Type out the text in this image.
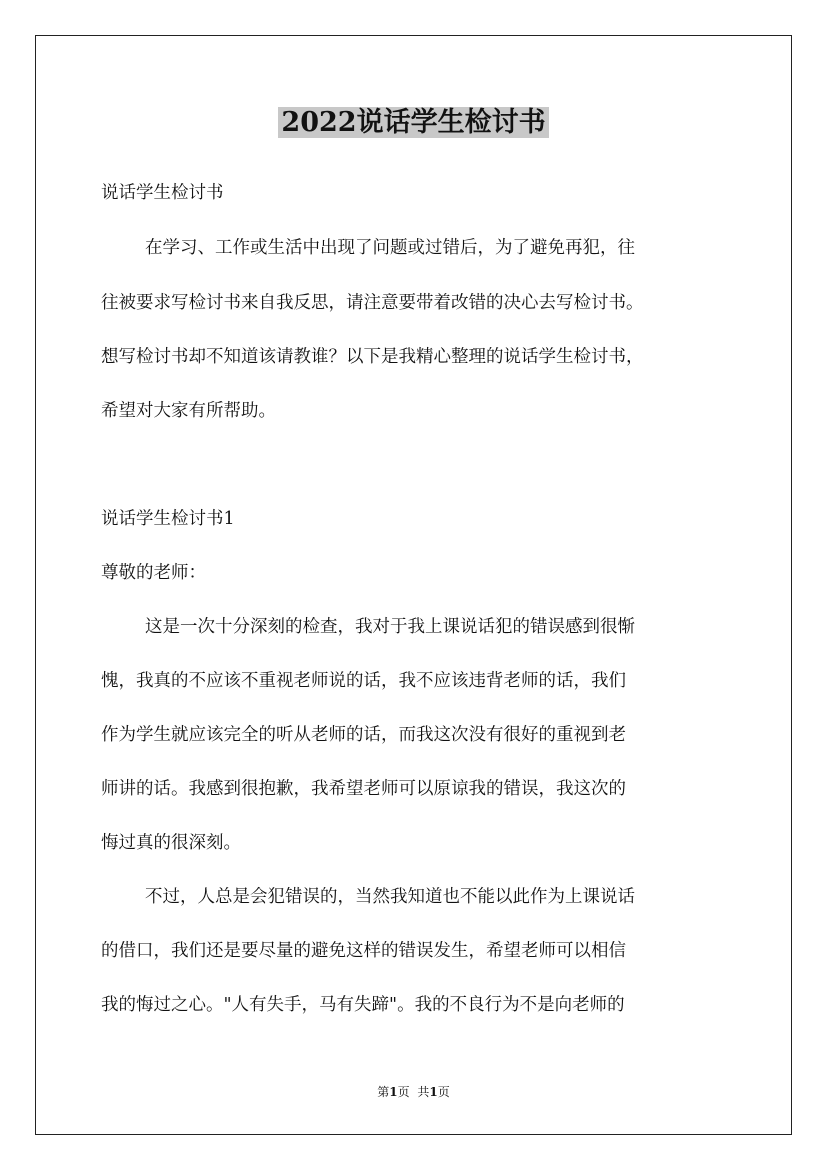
2022说话学生检讨书

说话学生检讨书

在学习、工作或生活中出现了问题或过错后，为了避免再犯，往

往被要求写检讨书来自我反思，请注意要带着改错的决心去写检讨书。

想写检讨书却不知道该请教谁？以下是我精心整理的说话学生检讨书，

希望对大家有所帮助。

说话学生检讨书1

尊敬的老师：

这是一次十分深刻的检查，我对于我上课说话犯的错误感到很惭

愧，我真的不应该不重视老师说的话，我不应该违背老师的话，我们

作为学生就应该完全的听从老师的话，而我这次没有很好的重视到老

师讲的话。我感到很抱歉，我希望老师可以原谅我的错误，我这次的

悔过真的很深刻。

不过，人总是会犯错误的，当然我知道也不能以此作为上课说话

的借口，我们还是要尽量的避免这样的错误发生，希望老师可以相信

我的悔过之心。"人有失手，马有失蹄"。我的不良行为不是向老师的

第1页 共1页
